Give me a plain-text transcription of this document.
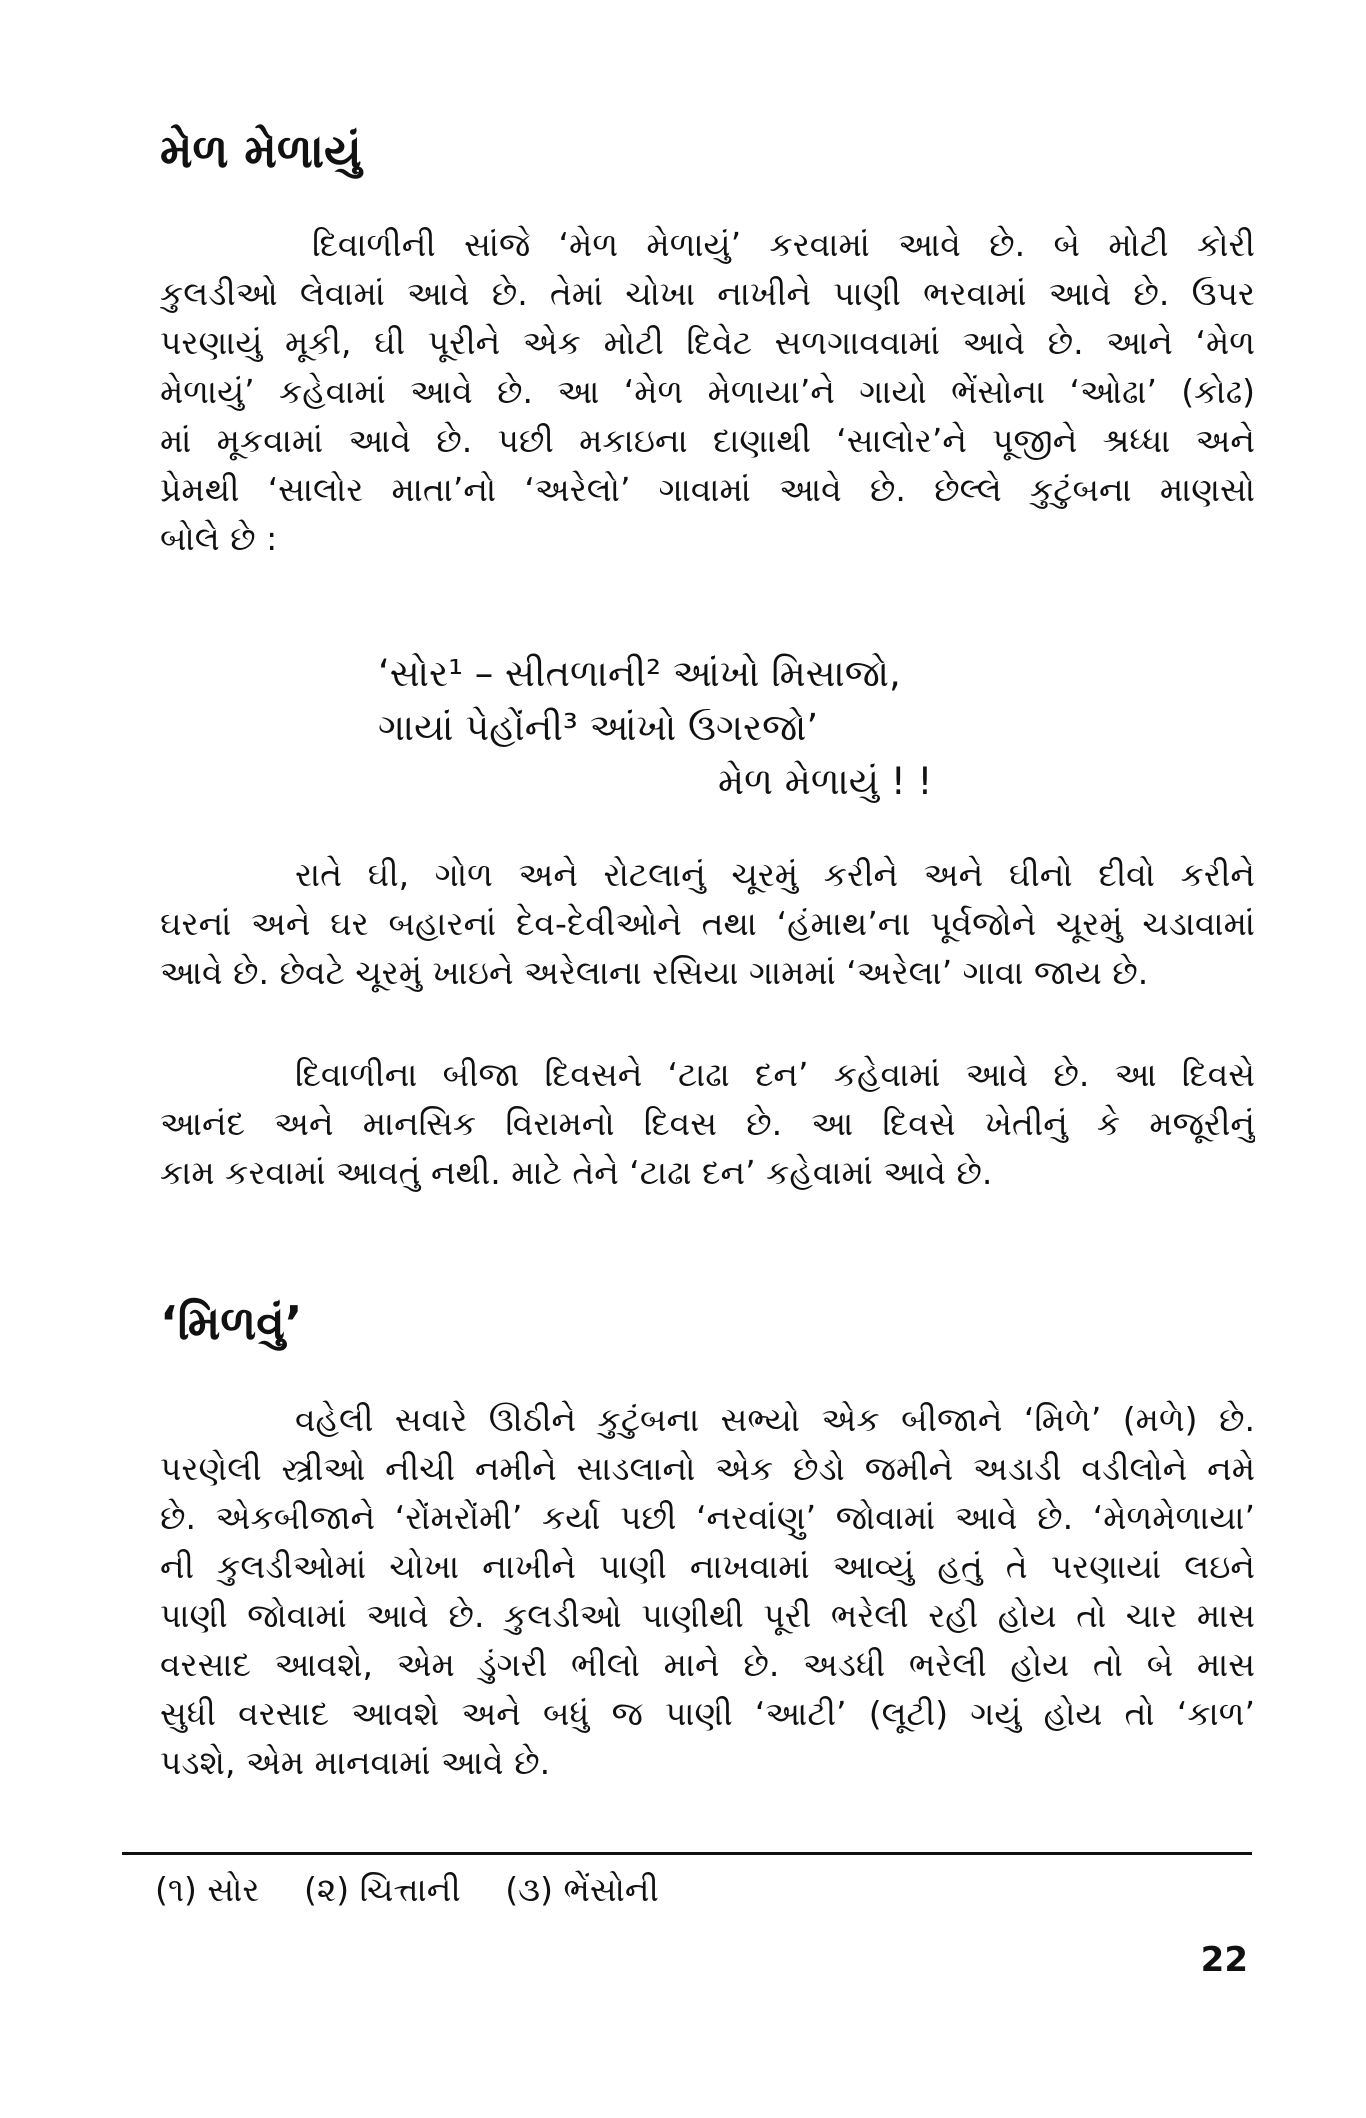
મેળ મેળાયું
દિવાળીની સાંજે ‘મેળ મેળાયું’ કરવામાં આવે છે. બે મોટી કોરી
કુલડીઓ લેવામાં આવે છે. તેમાં ચોખા નાખીને પાણી ભરવામાં આવે છે. ઉપર
પરણાયું મૂકી, ઘી પૂરીને એક મોટી દિવેટ સળગાવવામાં આવે છે. આને ‘મેળ
મેળાયું’ કહેવામાં આવે છે. આ ‘મેળ મેળાયા’ને ગાયો ભેંસોના ‘ઓઢા’ (કોઢ)
માં મૂકવામાં આવે છે. પછી મકાઇના દાણાથી ‘સાલોર’ને પૂજીને શ્રધ્ધા અને
પ્રેમથી ‘સાલોર માતા’નો ‘અરેલો’ ગાવામાં આવે છે. છેલ્લે કુટુંબના માણસો
બોલે છે :
‘સોર¹ – સીતળાની² આંખો મિસાજો,
ગાયાં પેહોંની³ આંખો ઉગરજો’
મેળ મેળાયું ! !
રાતે ઘી, ગોળ અને રોટલાનું ચૂરમું કરીને અને ઘીનો દીવો કરીને
ઘરનાં અને ઘર બહારનાં દેવ-દેવીઓને તથા ‘હંમાથ’ના પૂર્વજોને ચૂરમું ચડાવામાં
આવે છે. છેવટે ચૂરમું ખાઇને અરેલાના રસિયા ગામમાં ‘અરેલા’ ગાવા જાય છે.
દિવાળીના બીજા દિવસને ‘ટાઢા દન’ કહેવામાં આવે છે. આ દિવસે
આનંદ અને માનસિક વિરામનો દિવસ છે. આ દિવસે ખેતીનું કે મજૂરીનું
કામ કરવામાં આવતું નથી. માટે તેને ‘ટાઢા દન’ કહેવામાં આવે છે.
‘મિળવું’
વહેલી સવારે ઊઠીને કુટુંબના સભ્યો એક બીજાને ‘મિળે’ (મળે) છે.
પરણેલી સ્ત્રીઓ નીચી નમીને સાડલાનો એક છેડો જમીને અડાડી વડીલોને નમે
છે. એકબીજાને ‘રોંમરોંમી’ કર્યા પછી ‘નરવાંણુ’ જોવામાં આવે છે. ‘મેળમેળાયા’
ની કુલડીઓમાં ચોખા નાખીને પાણી નાખવામાં આવ્યું હતું તે પરણાયાં લઇને
પાણી જોવામાં આવે છે. કુલડીઓ પાણીથી પૂરી ભરેલી રહી હોય તો ચાર માસ
વરસાદ આવશે, એમ ડુંગરી ભીલો માને છે. અડધી ભરેલી હોય તો બે માસ
સુધી વરસાદ આવશે અને બધું જ પાણી ‘આટી’ (લૂટી) ગયું હોય તો ‘કાળ’
પડશે, એમ માનવામાં આવે છે.
(૧) સોર (૨) ચિત્તાની (૩) ભેંસોની
22
